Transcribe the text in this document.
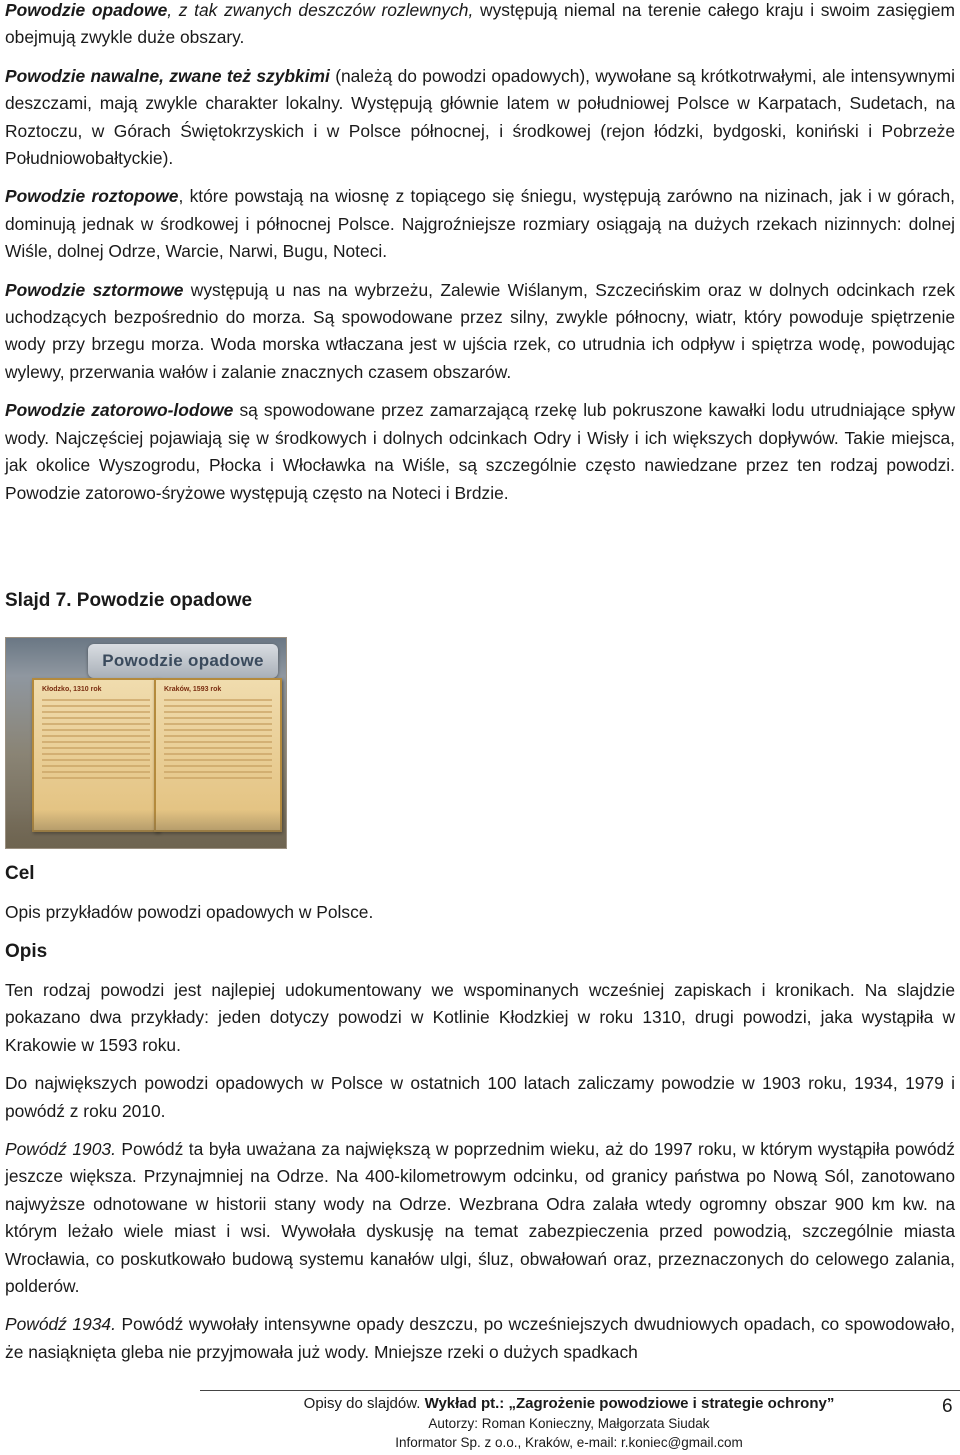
Powodzie opadowe, z tak zwanych deszczów rozlewnych, występują niemal na terenie całego kraju i swoim zasięgiem obejmują zwykle duże obszary.

Powodzie nawalne, zwane też szybkimi (należą do powodzi opadowych), wywołane są krótkotrwałymi, ale intensywnymi deszczami, mają zwykle charakter lokalny. Występują głównie latem w południowej Polsce w Karpatach, Sudetach, na Roztoczu, w Górach Świętokrzyskich i w Polsce północnej, i środkowej (rejon łódzki, bydgoski, koniński i Pobrzeże Południowobałtyckie).

Powodzie roztopowe, które powstają na wiosnę z topiącego się śniegu, występują zarówno na nizinach, jak i w górach, dominują jednak w środkowej i północnej Polsce. Najgroźniejsze rozmiary osiągają na dużych rzekach nizinnych: dolnej Wiśle, dolnej Odrze, Warcie, Narwi, Bugu, Noteci.

Powodzie sztormowe występują u nas na wybrzeżu, Zalewie Wiślanym, Szczecińskim oraz w dolnych odcinkach rzek uchodzących bezpośrednio do morza. Są spowodowane przez silny, zwykle północny, wiatr, który powoduje spiętrzenie wody przy brzegu morza. Woda morska wtłaczana jest w ujścia rzek, co utrudnia ich odpływ i spiętrza wodę, powodując wylewy, przerwania wałów i zalanie znacznych czasem obszarów.

Powodzie zatorowo-lodowe są spowodowane przez zamarzającą rzekę lub pokruszone kawałki lodu utrudniające spływ wody. Najczęściej pojawiają się w środkowych i dolnych odcinkach Odry i Wisły i ich większych dopływów. Takie miejsca, jak okolice Wyszogrodu, Płocka i Włocławka na Wiśle, są szczególnie często nawiedzane przez ten rodzaj powodzi. Powodzie zatorowo-śryżowe występują często na Noteci i Brdzie.

Slajd 7. Powodzie opadowe
Powodzie opadowe
Kłodzko, 1310 rok	Kraków, 1593 rok
Cel

Opis przykładów powodzi opadowych w Polsce.

Opis

Ten rodzaj powodzi jest najlepiej udokumentowany we wspominanych wcześniej zapiskach i kronikach. Na slajdzie pokazano dwa przykłady: jeden dotyczy powodzi w Kotlinie Kłodzkiej w roku 1310, drugi powodzi, jaka wystąpiła w Krakowie w 1593 roku.

Do największych powodzi opadowych w Polsce w ostatnich 100 latach zaliczamy powodzie w 1903 roku, 1934, 1979 i powódź z roku 2010.

Powódź 1903. Powódź ta była uważana za największą w poprzednim wieku, aż do 1997 roku, w którym wystąpiła powódź jeszcze większa. Przynajmniej na Odrze. Na 400-kilometrowym odcinku, od granicy państwa po Nową Sól, zanotowano najwyższe odnotowane w historii stany wody na Odrze. Wezbrana Odra zalała wtedy ogromny obszar 900 km kw. na którym leżało wiele miast i wsi. Wywołała dyskusję na temat zabezpieczenia przed powodzią, szczególnie miasta Wrocławia, co poskutkowało budową systemu kanałów ulgi, śluz, obwałowań oraz, przeznaczonych do celowego zalania, polderów.

Powódź 1934. Powódź wywołały intensywne opady deszczu, po wcześniejszych dwudniowych opadach, co spowodowało, że nasiąknięta gleba nie przyjmowała już wody. Mniejsze rzeki o dużych spadkach

Opisy do slajdów. Wykład pt.: „Zagrożenie powodziowe i strategie ochrony”
Autorzy: Roman Konieczny, Małgorzata Siudak
Informator Sp. z o.o., Kraków, e-mail: r.koniec@gmail.com
6
